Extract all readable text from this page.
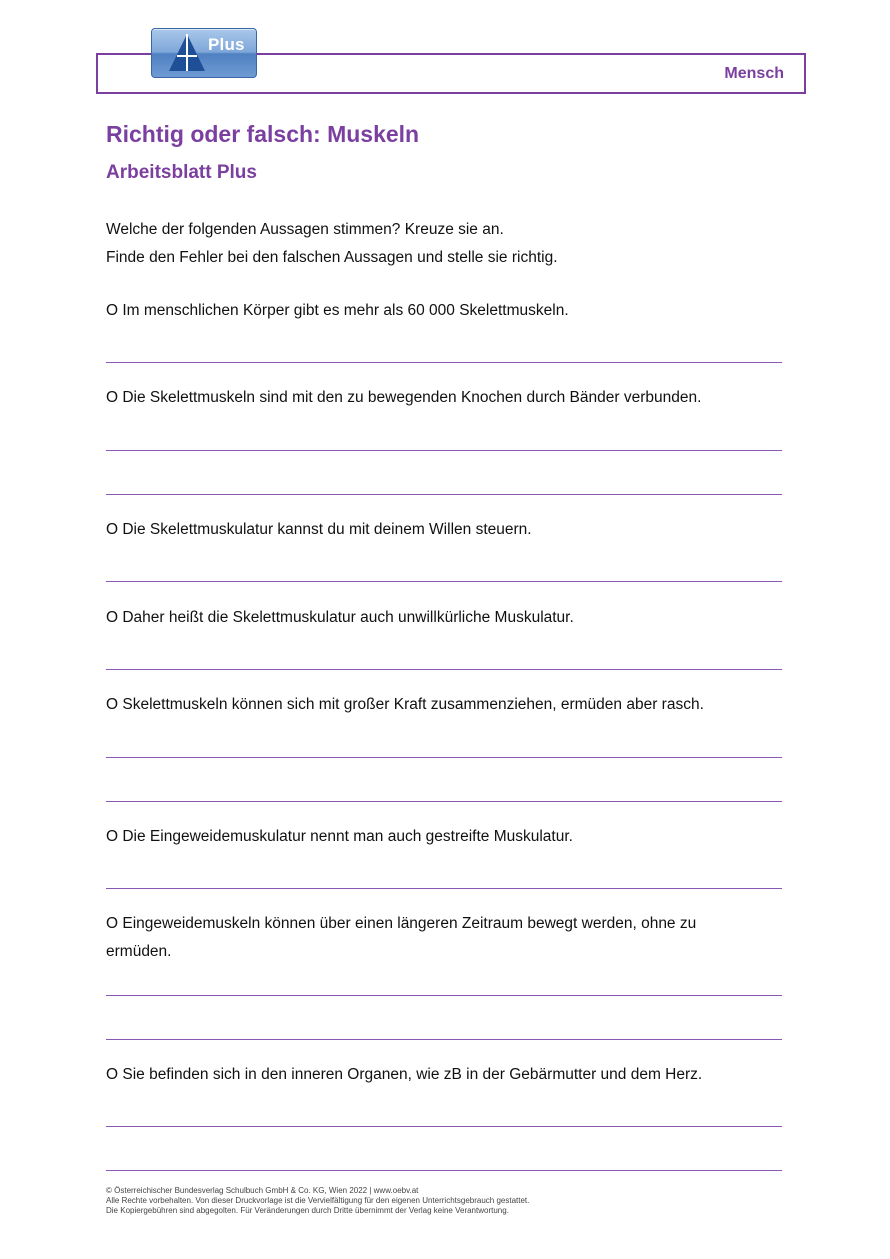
Plus
Mensch
Richtig oder falsch: Muskeln
Arbeitsblatt Plus
Welche der folgenden Aussagen stimmen? Kreuze sie an.
Finde den Fehler bei den falschen Aussagen und stelle sie richtig.
O Im menschlichen Körper gibt es mehr als 60 000 Skelettmuskeln.
O Die Skelettmuskeln sind mit den zu bewegenden Knochen durch Bänder verbunden.
O Die Skelettmuskulatur kannst du mit deinem Willen steuern.
O Daher heißt die Skelettmuskulatur auch unwillkürliche Muskulatur.
O Skelettmuskeln können sich mit großer Kraft zusammenziehen, ermüden aber rasch.
O Die Eingeweidemuskulatur nennt man auch gestreifte Muskulatur.
O Eingeweidemuskeln können über einen längeren Zeitraum bewegt werden, ohne zu ermüden.
O Sie befinden sich in den inneren Organen, wie zB in der Gebärmutter und dem Herz.
© Österreichischer Bundesverlag Schulbuch GmbH & Co. KG, Wien 2022 | www.oebv.at
Alle Rechte vorbehalten. Von dieser Druckvorlage ist die Vervielfältigung für den eigenen Unterrichtsgebrauch gestattet.
Die Kopiergebühren sind abgegolten. Für Veränderungen durch Dritte übernimmt der Verlag keine Verantwortung.
